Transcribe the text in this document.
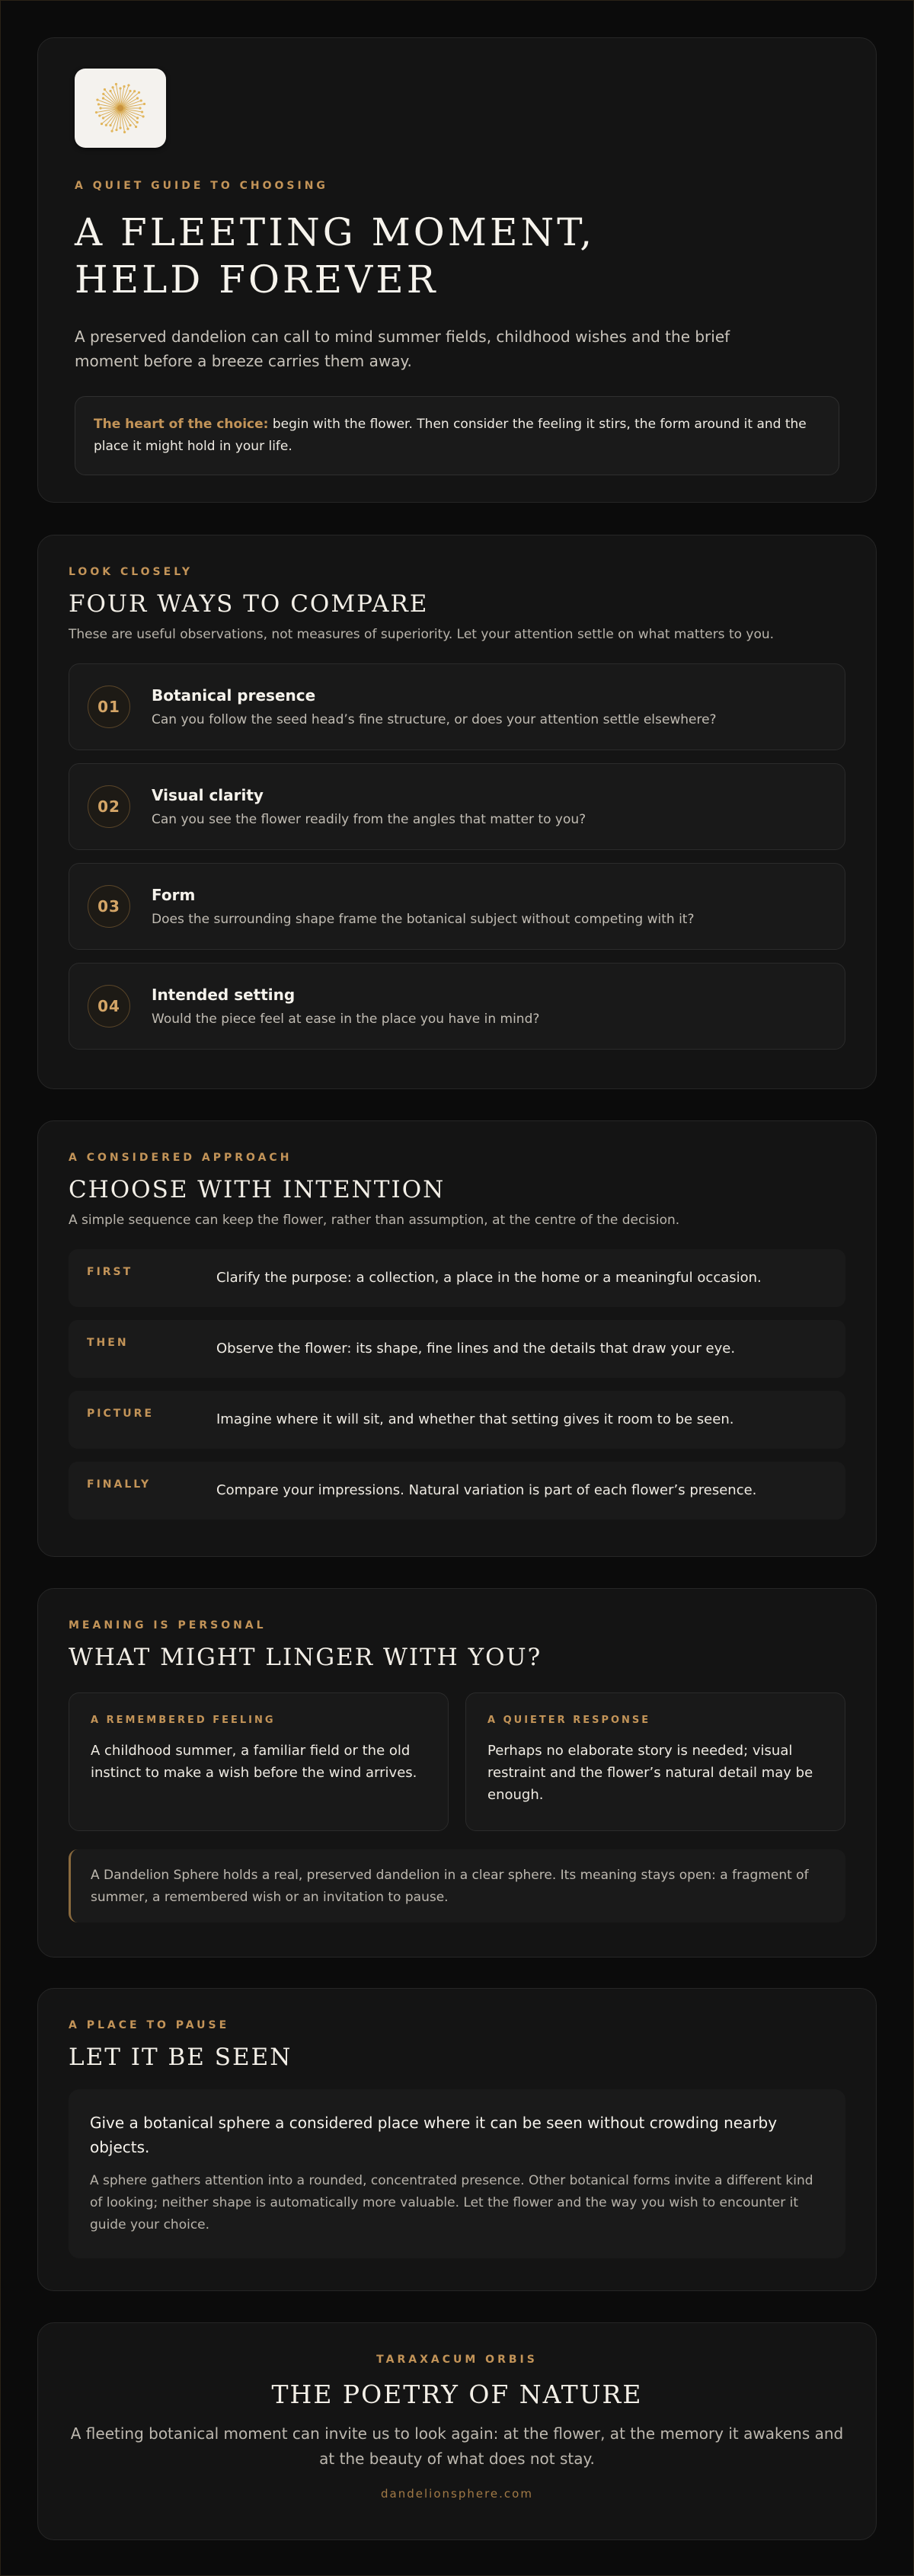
A QUIET GUIDE TO CHOOSING
A FLEETING MOMENT,
HELD FOREVER

A preserved dandelion can call to mind summer fields, childhood wishes and the brief moment before a breeze carries them away.

The heart of the choice: begin with the flower. Then consider the feeling it stirs, the form around it and the place it might hold in your life.
LOOK CLOSELY
FOUR WAYS TO COMPARE

These are useful observations, not measures of superiority. Let your attention settle on what matters to you.

01
Botanical presence
Can you follow the seed head’s fine structure, or does your attention settle elsewhere?
02
Visual clarity
Can you see the flower readily from the angles that matter to you?
03
Form
Does the surrounding shape frame the botanical subject without competing with it?
04
Intended setting
Would the piece feel at ease in the place you have in mind?
A CONSIDERED APPROACH
CHOOSE WITH INTENTION

A simple sequence can keep the flower, rather than assumption, at the centre of the decision.

FIRST	Clarify the purpose: a collection, a place in the home or a meaningful occasion.
THEN	Observe the flower: its shape, fine lines and the details that draw your eye.
PICTURE	Imagine where it will sit, and whether that setting gives it room to be seen.
FINALLY	Compare your impressions. Natural variation is part of each flower’s presence.
MEANING IS PERSONAL
WHAT MIGHT LINGER WITH YOU?
A REMEMBERED FEELING

A childhood summer, a familiar field or the old instinct to make a wish before the wind arrives.

A QUIETER RESPONSE

Perhaps no elaborate story is needed; visual restraint and the flower’s natural detail may be enough.

A Dandelion Sphere holds a real, preserved dandelion in a clear sphere. Its meaning stays open: a fragment of summer, a remembered wish or an invitation to pause.
A PLACE TO PAUSE
LET IT BE SEEN

Give a botanical sphere a considered place where it can be seen without crowding nearby objects.

A sphere gathers attention into a rounded, concentrated presence. Other botanical forms invite a different kind of looking; neither shape is automatically more valuable. Let the flower and the way you wish to encounter it guide your choice.

TARAXACUM ORBIS
THE POETRY OF NATURE

A fleeting botanical moment can invite us to look again: at the flower, at the memory it awakens and at the beauty of what does not stay.

dandelionsphere.com
